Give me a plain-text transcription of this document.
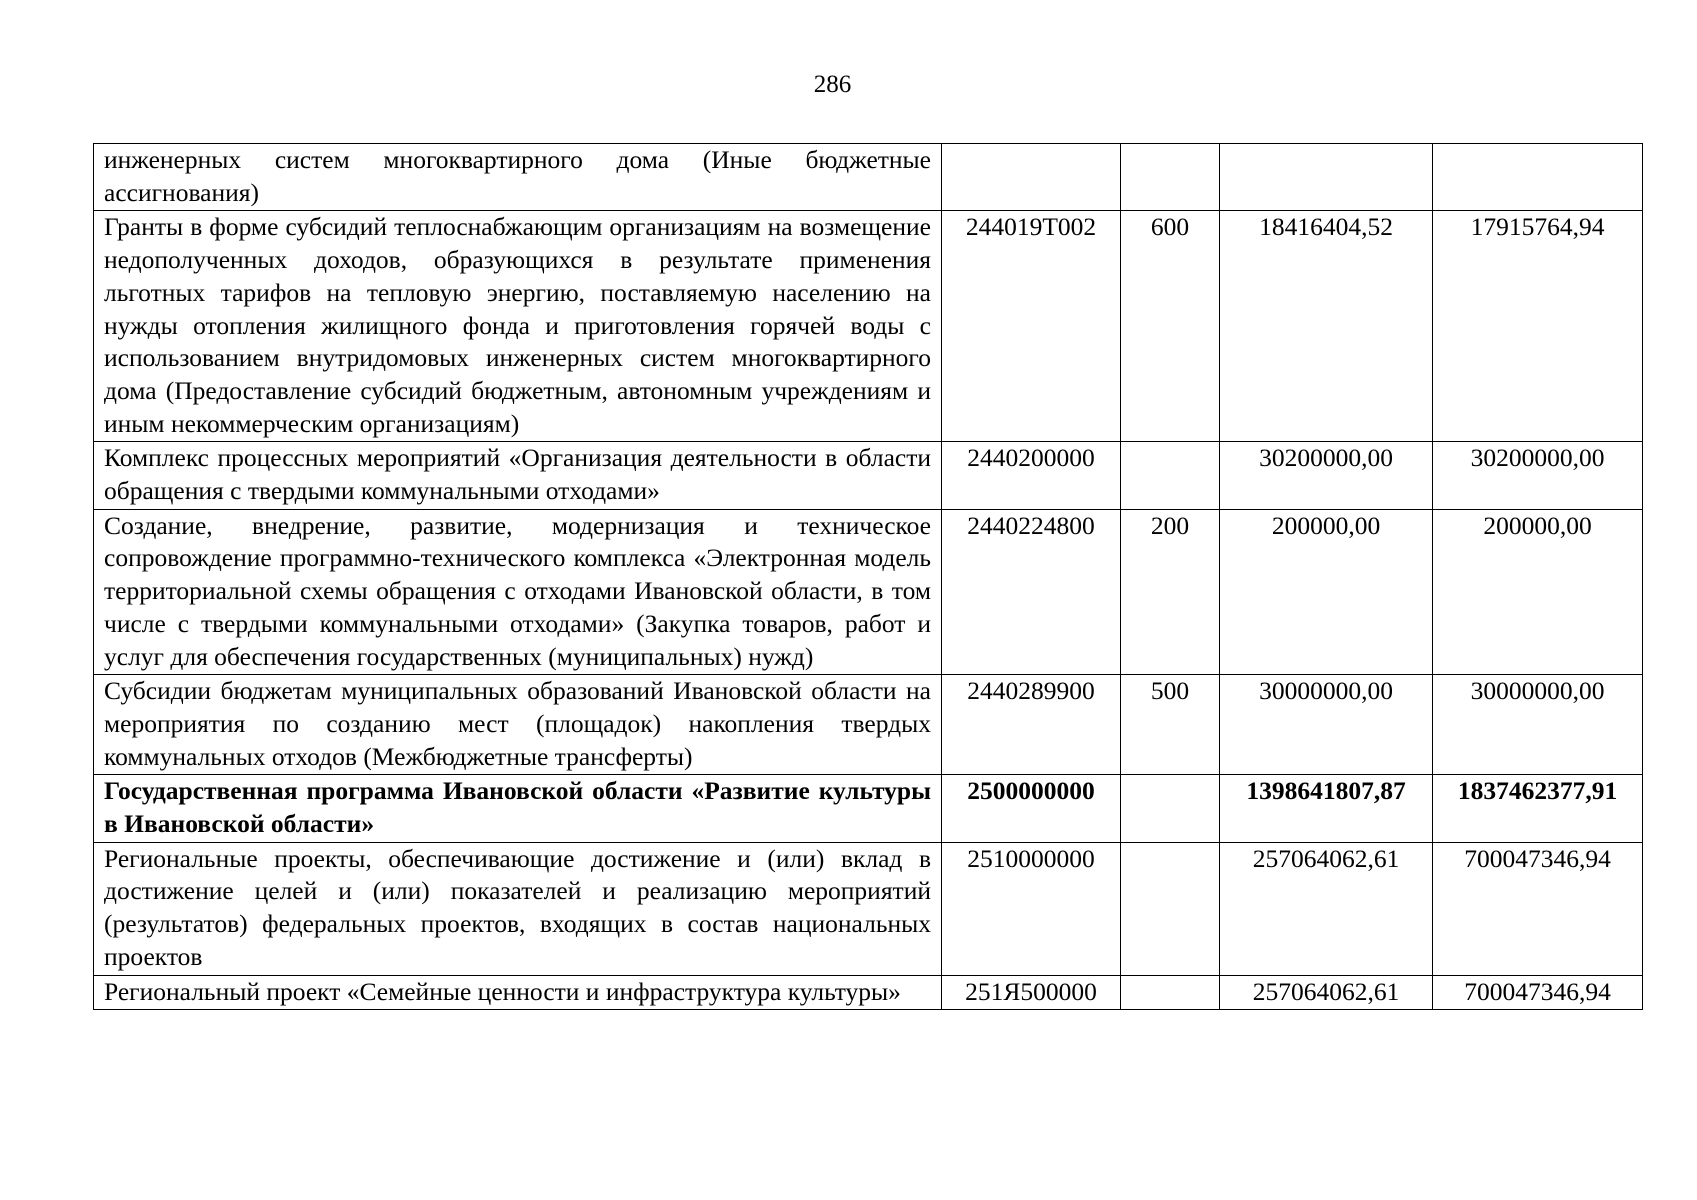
286
инженерных систем многоквартирного дома (Иные бюджетные ассигнования)				
Гранты в форме субсидий теплоснабжающим организациям на возмещение недополученных доходов, образующихся в результате применения льготных тарифов на тепловую энергию, поставляемую населению на нужды отопления жилищного фонда и приготовления горячей воды с использованием внутридомовых инженерных систем многоквартирного дома (Предоставление субсидий бюджетным, автономным учреждениям и иным некоммерческим организациям)	244019Т002	600	18416404,52	17915764,94
Комплекс процессных мероприятий «Организация деятельности в области обращения с твердыми коммунальными отходами»	2440200000		30200000,00	30200000,00
Создание, внедрение, развитие, модернизация и техническое сопровождение программно-технического комплекса «Электронная модель территориальной схемы обращения с отходами Ивановской области, в том числе с твердыми коммунальными отходами» (Закупка товаров, работ и услуг для обеспечения государственных (муниципальных) нужд)	2440224800	200	200000,00	200000,00
Субсидии бюджетам муниципальных образований Ивановской области на мероприятия по созданию мест (площадок) накопления твердых коммунальных отходов (Межбюджетные трансферты)	2440289900	500	30000000,00	30000000,00
Государственная программа Ивановской области «Развитие культуры в Ивановской области»	2500000000		1398641807,87	1837462377,91
Региональные проекты, обеспечивающие достижение и (или) вклад в достижение целей и (или) показателей и реализацию мероприятий (результатов) федеральных проектов, входящих в состав национальных проектов	2510000000		257064062,61	700047346,94
Региональный проект «Семейные ценности и инфраструктура культуры»	251Я500000		257064062,61	700047346,94
